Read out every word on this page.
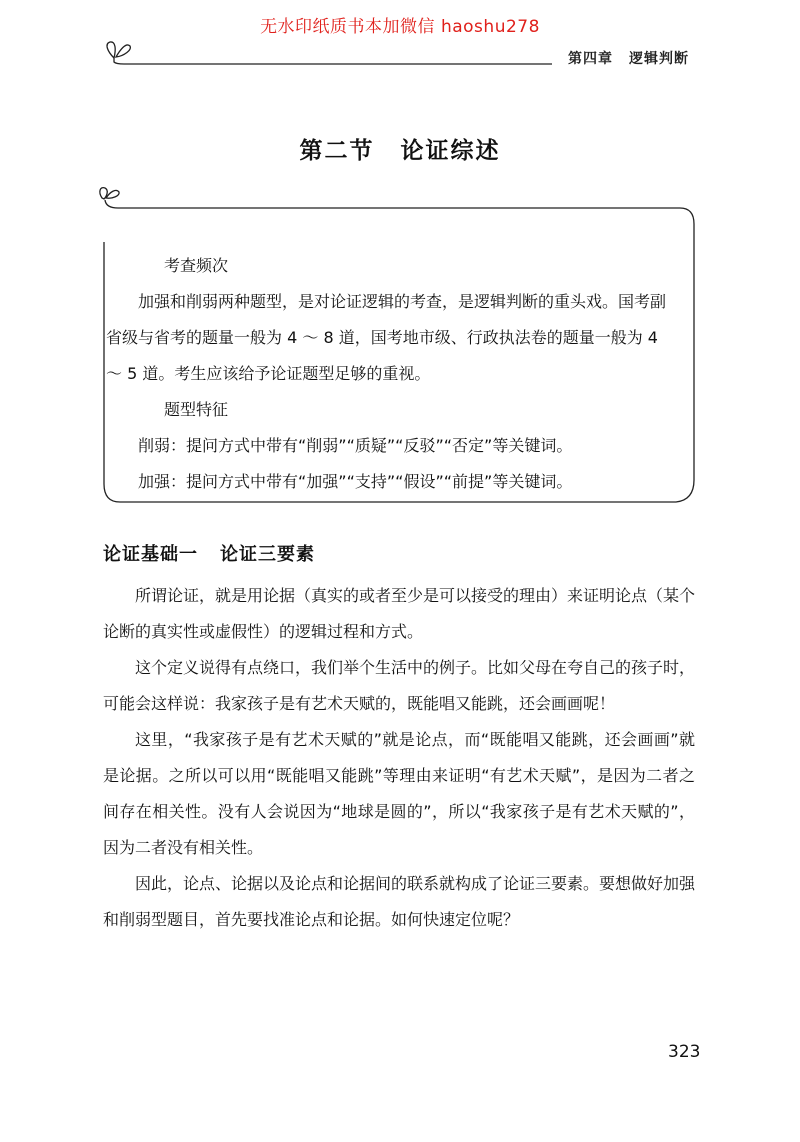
无水印纸质书本加微信 haoshu278
第四章 逻辑判断
第二节 论证综述
考查频次
加强和削弱两种题型，是对论证逻辑的考查，是逻辑判断的重头戏。国考副省级与省考的题量一般为 4 ～ 8 道，国考地市级、行政执法卷的题量一般为 4 ～ 5 道。考生应该给予论证题型足够的重视。
题型特征
削弱：提问方式中带有“削弱”“质疑”“反驳”“否定”等关键词。
加强：提问方式中带有“加强”“支持”“假设”“前提”等关键词。
论证基础一 论证三要素

所谓论证，就是用论据（真实的或者至少是可以接受的理由）来证明论点（某个论断的真实性或虚假性）的逻辑过程和方式。

这个定义说得有点绕口，我们举个生活中的例子。比如父母在夸自己的孩子时，可能会这样说：我家孩子是有艺术天赋的，既能唱又能跳，还会画画呢！

这里，“我家孩子是有艺术天赋的”就是论点，而“既能唱又能跳，还会画画”就是论据。之所以可以用“既能唱又能跳”等理由来证明“有艺术天赋”，是因为二者之间存在相关性。没有人会说因为“地球是圆的”，所以“我家孩子是有艺术天赋的”，因为二者没有相关性。

因此，论点、论据以及论点和论据间的联系就构成了论证三要素。要想做好加强和削弱型题目，首先要找准论点和论据。如何快速定位呢？

323
